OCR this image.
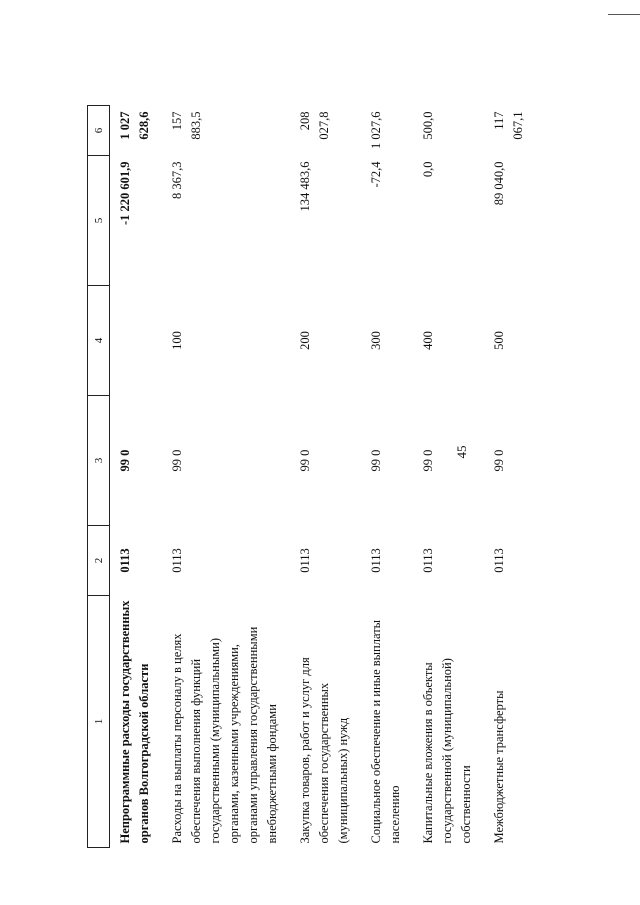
45
1	2	3	4	5	6
Непрограммные расходы государственных органов Волгоградской области	0113	99 0		-1 220 601,9	1 027 628,6
Расходы на выплаты персоналу в целях обеспечения выполнения функций государственными (муниципальными) органами, казенными учреждениями, органами управления государственными внебюджетными фондами	0113	99 0	100	8 367,3	157 883,5
Закупка товаров, работ и услуг для обеспечения государственных (муниципальных) нужд	0113	99 0	200	134 483,6	208 027,8
Социальное обеспечение и иные выплаты населению	0113	99 0	300	-72,4	1 027,6
Капитальные вложения в объекты государственной (муниципальной) собственности	0113	99 0	400	0,0	500,0
Межбюджетные трансферты	0113	99 0	500	89 040,0	117 067,1
